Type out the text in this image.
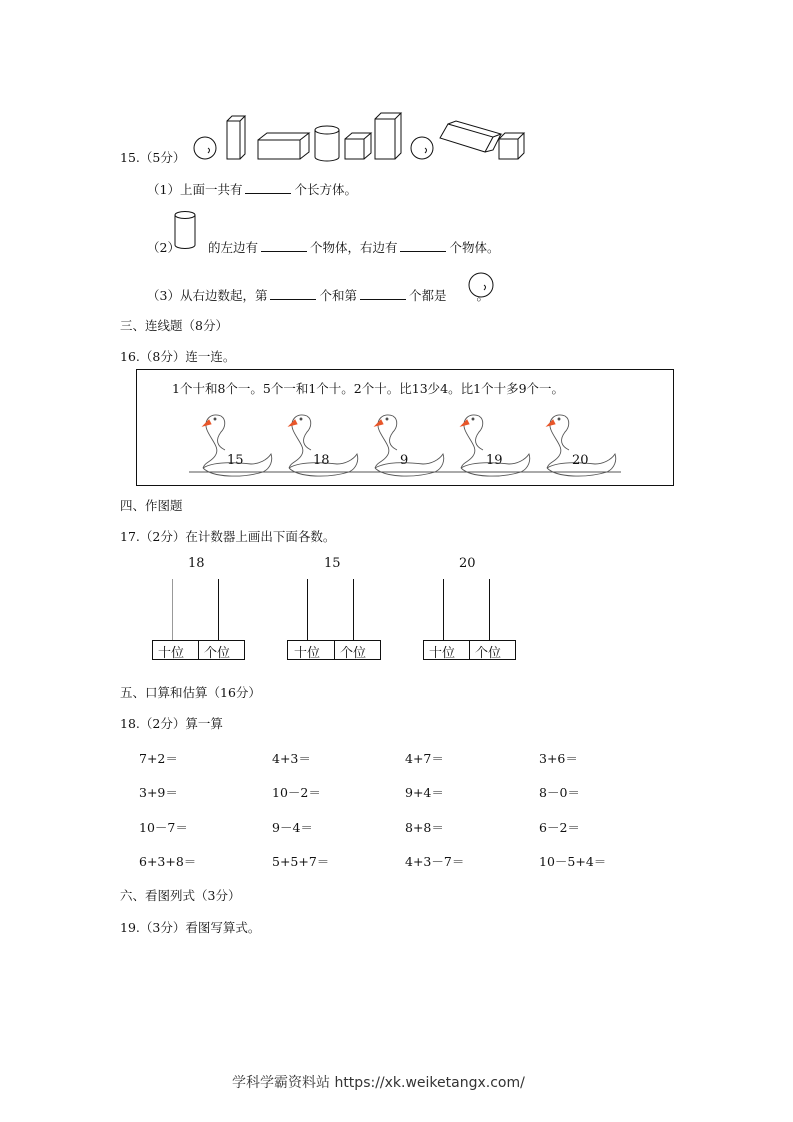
15.（5分）
（1）上面一共有	个长方体。
（2） 的左边有	个物体，右边有	个物体。
（3）从右边数起，第	个和第	个都是 。
三、连线题（8分）
16.（8分）连一连。
1个十和8个一。5个一和1个十。2个十。比13少4。比1个十多9个一。
15	18	9	19	20
四、作图题
17.（2分）在计数器上画出下面各数。
18
十位 个位
15
十位 个位
20
十位 个位
五、口算和估算（16分）
18.（2分）算一算
7+2＝	4+3＝	4+7＝	3+6＝
3+9＝	10－2＝	9+4＝	8－0＝
10－7＝	9－4＝	8+8＝	6－2＝
6+3+8＝	5+5+7＝	4+3－7＝	10－5+4＝
六、看图列式（3分）
19.（3分）看图写算式。
学科学霸资料站 https://xk.weiketangx.com/
